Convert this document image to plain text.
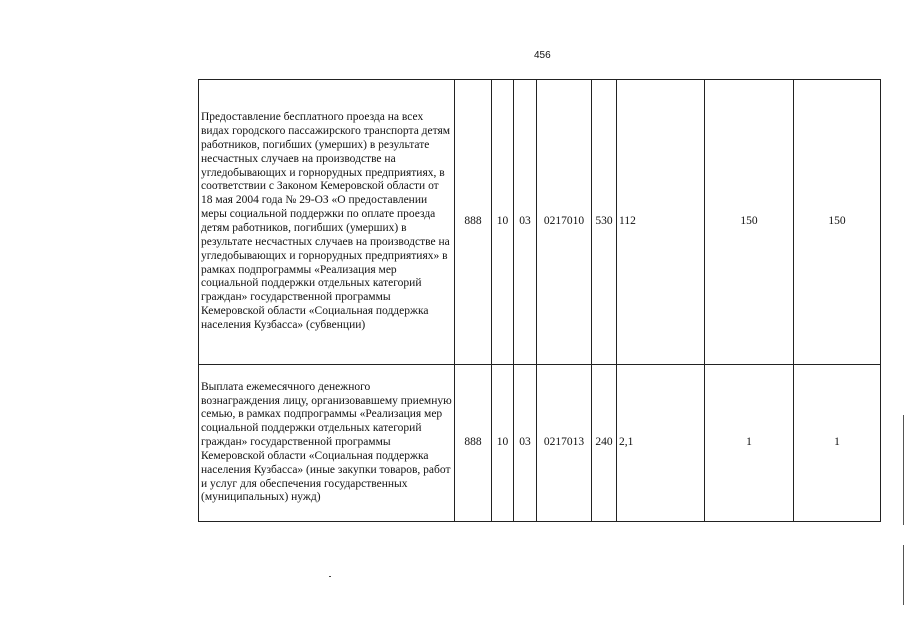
456
Предоставление бесплатного проезда на всех видах городского пассажирского транспорта детям работников, погибших (умерших) в результате несчастных случаев на производстве на угледобывающих и горнорудных предприятиях, в соответствии с Законом Кемеровской области от 18 мая 2004 года № 29-ОЗ «О предоставлении меры социальной поддержки по оплате проезда детям работников, погибших (умерших) в результате несчастных случаев на производстве на угледобывающих и горнорудных предприятиях» в рамках подпрограммы «Реализация мер социальной поддержки отдельных категорий граждан» государственной программы Кемеровской области «Социальная поддержка населения Кузбасса» (субвенции)	888	10	03	0217010	530	112	150	150
Выплата ежемесячного денежного вознаграждения лицу, организовавшему приемную семью, в рамках подпрограммы «Реализация мер социальной поддержки отдельных категорий граждан» государственной программы Кемеровской области «Социальная поддержка населения Кузбасса» (иные закупки товаров, работ и услуг для обеспечения государственных (муниципальных) нужд)	888	10	03	0217013	240	2,1	1	1
